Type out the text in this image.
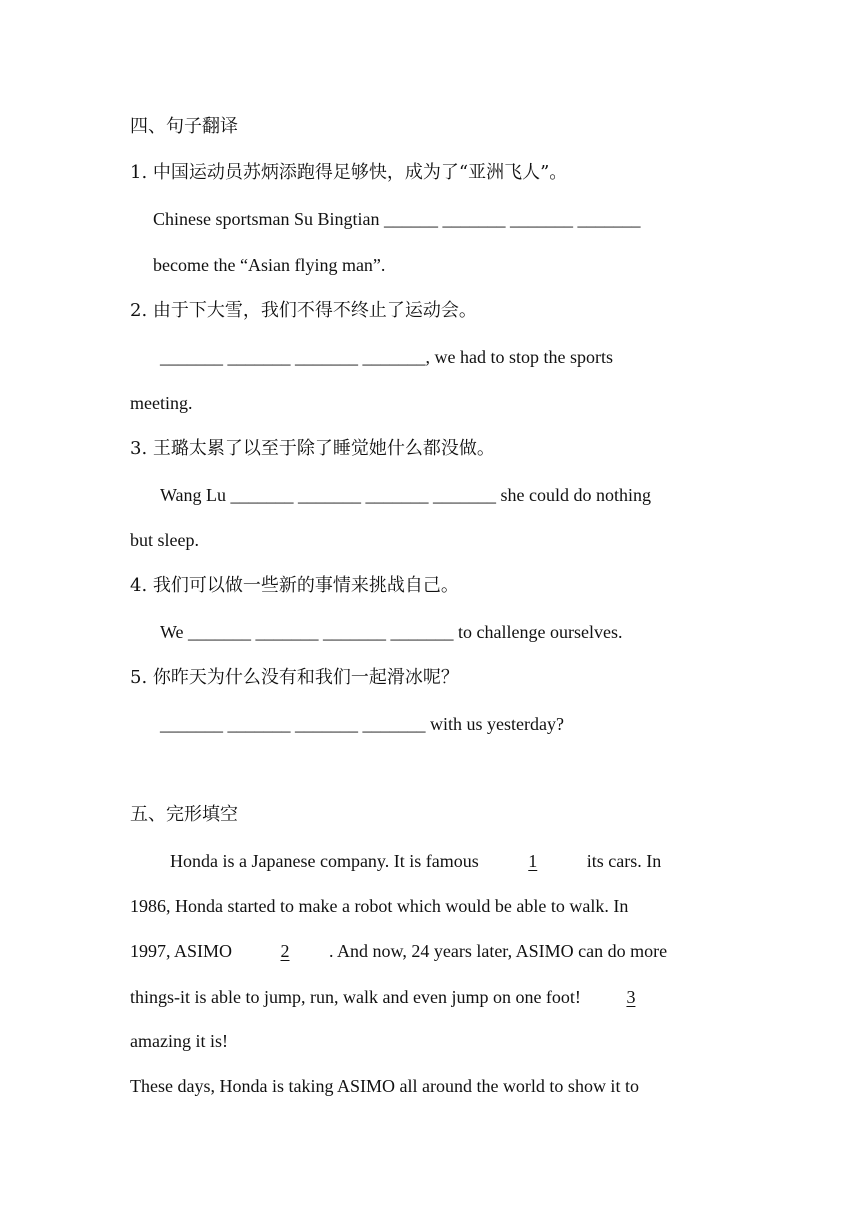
四、句子翻译
1. 中国运动员苏炳添跑得足够快，成为了“亚洲飞人”。
Chinese sportsman Su Bingtian ______ _______ _______ _______
become the “Asian flying man”.
2. 由于下大雪，我们不得不终止了运动会。
_______ _______ _______ _______, we had to stop the sports
meeting.
3. 王璐太累了以至于除了睡觉她什么都没做。
Wang Lu _______ _______ _______ _______ she could do nothing
but sleep.
4. 我们可以做一些新的事情来挑战自己。
We _______ _______ _______ _______ to challenge ourselves.
5. 你昨天为什么没有和我们一起滑冰呢？
_______ _______ _______ _______ with us yesterday?
五、完形填空
Honda is a Japanese company. It is famous	1	its cars. In
1986, Honda started to make a robot which would be able to walk. In
1997, ASIMO	2 . And now, 24 years later, ASIMO can do more
things-it is able to jump, run, walk and even jump on one foot!	3
amazing it is!
These days, Honda is taking ASIMO all around the world to show it to
